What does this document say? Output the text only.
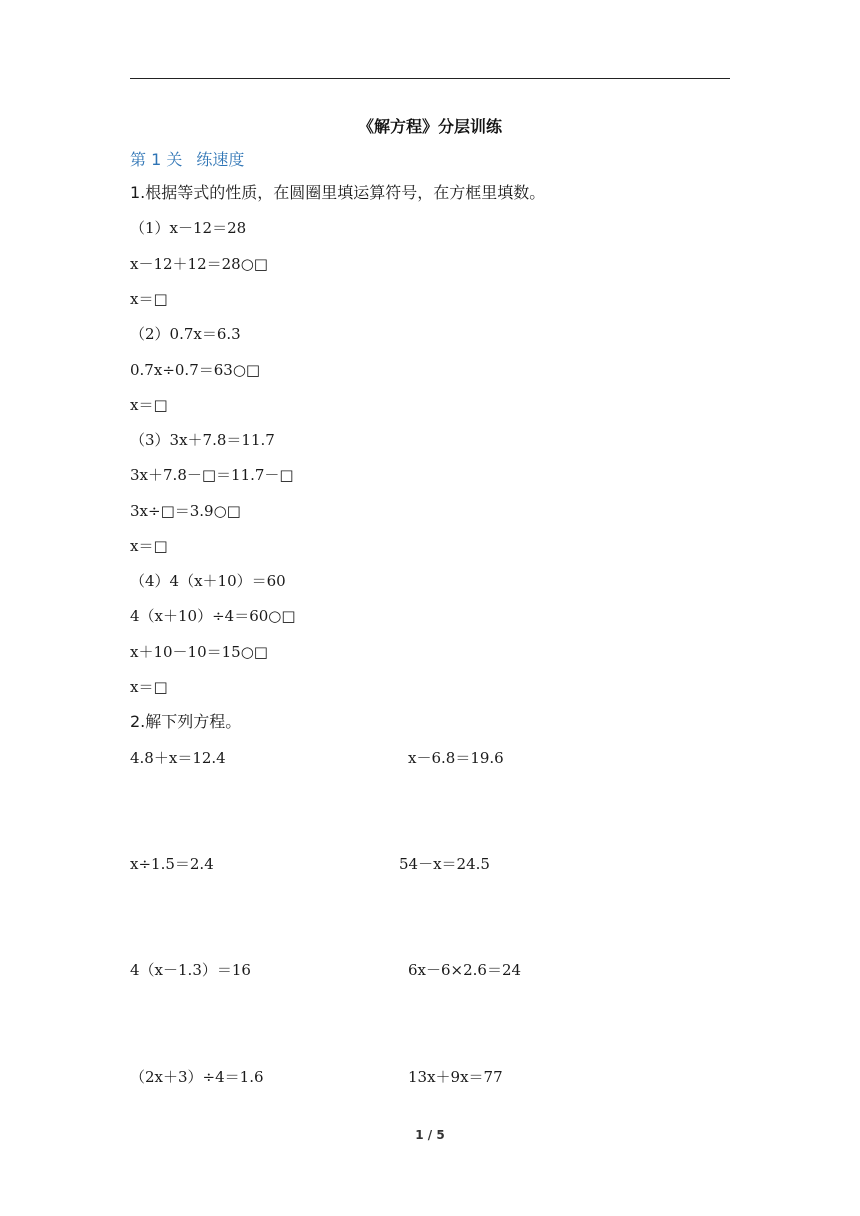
《解方程》分层训练
第 1 关 练速度
1.根据等式的性质，在圆圈里填运算符号，在方框里填数。
（1）x－12＝28
x－12＋12＝28○□
x＝□
（2）0.7x＝6.3
0.7x÷0.7＝63○□
x＝□
（3）3x＋7.8＝11.7
3x＋7.8－□＝11.7－□
3x÷□＝3.9○□
x＝□
（4）4（x＋10）＝60
4（x＋10）÷4＝60○□
x＋10－10＝15○□
x＝□
2.解下列方程。
4.8＋x＝12.4	x－6.8＝19.6
x÷1.5＝2.4	54－x＝24.5
4（x－1.3）＝16	6x－6×2.6＝24
（2x＋3）÷4＝1.6	13x＋9x＝77
1 / 5
